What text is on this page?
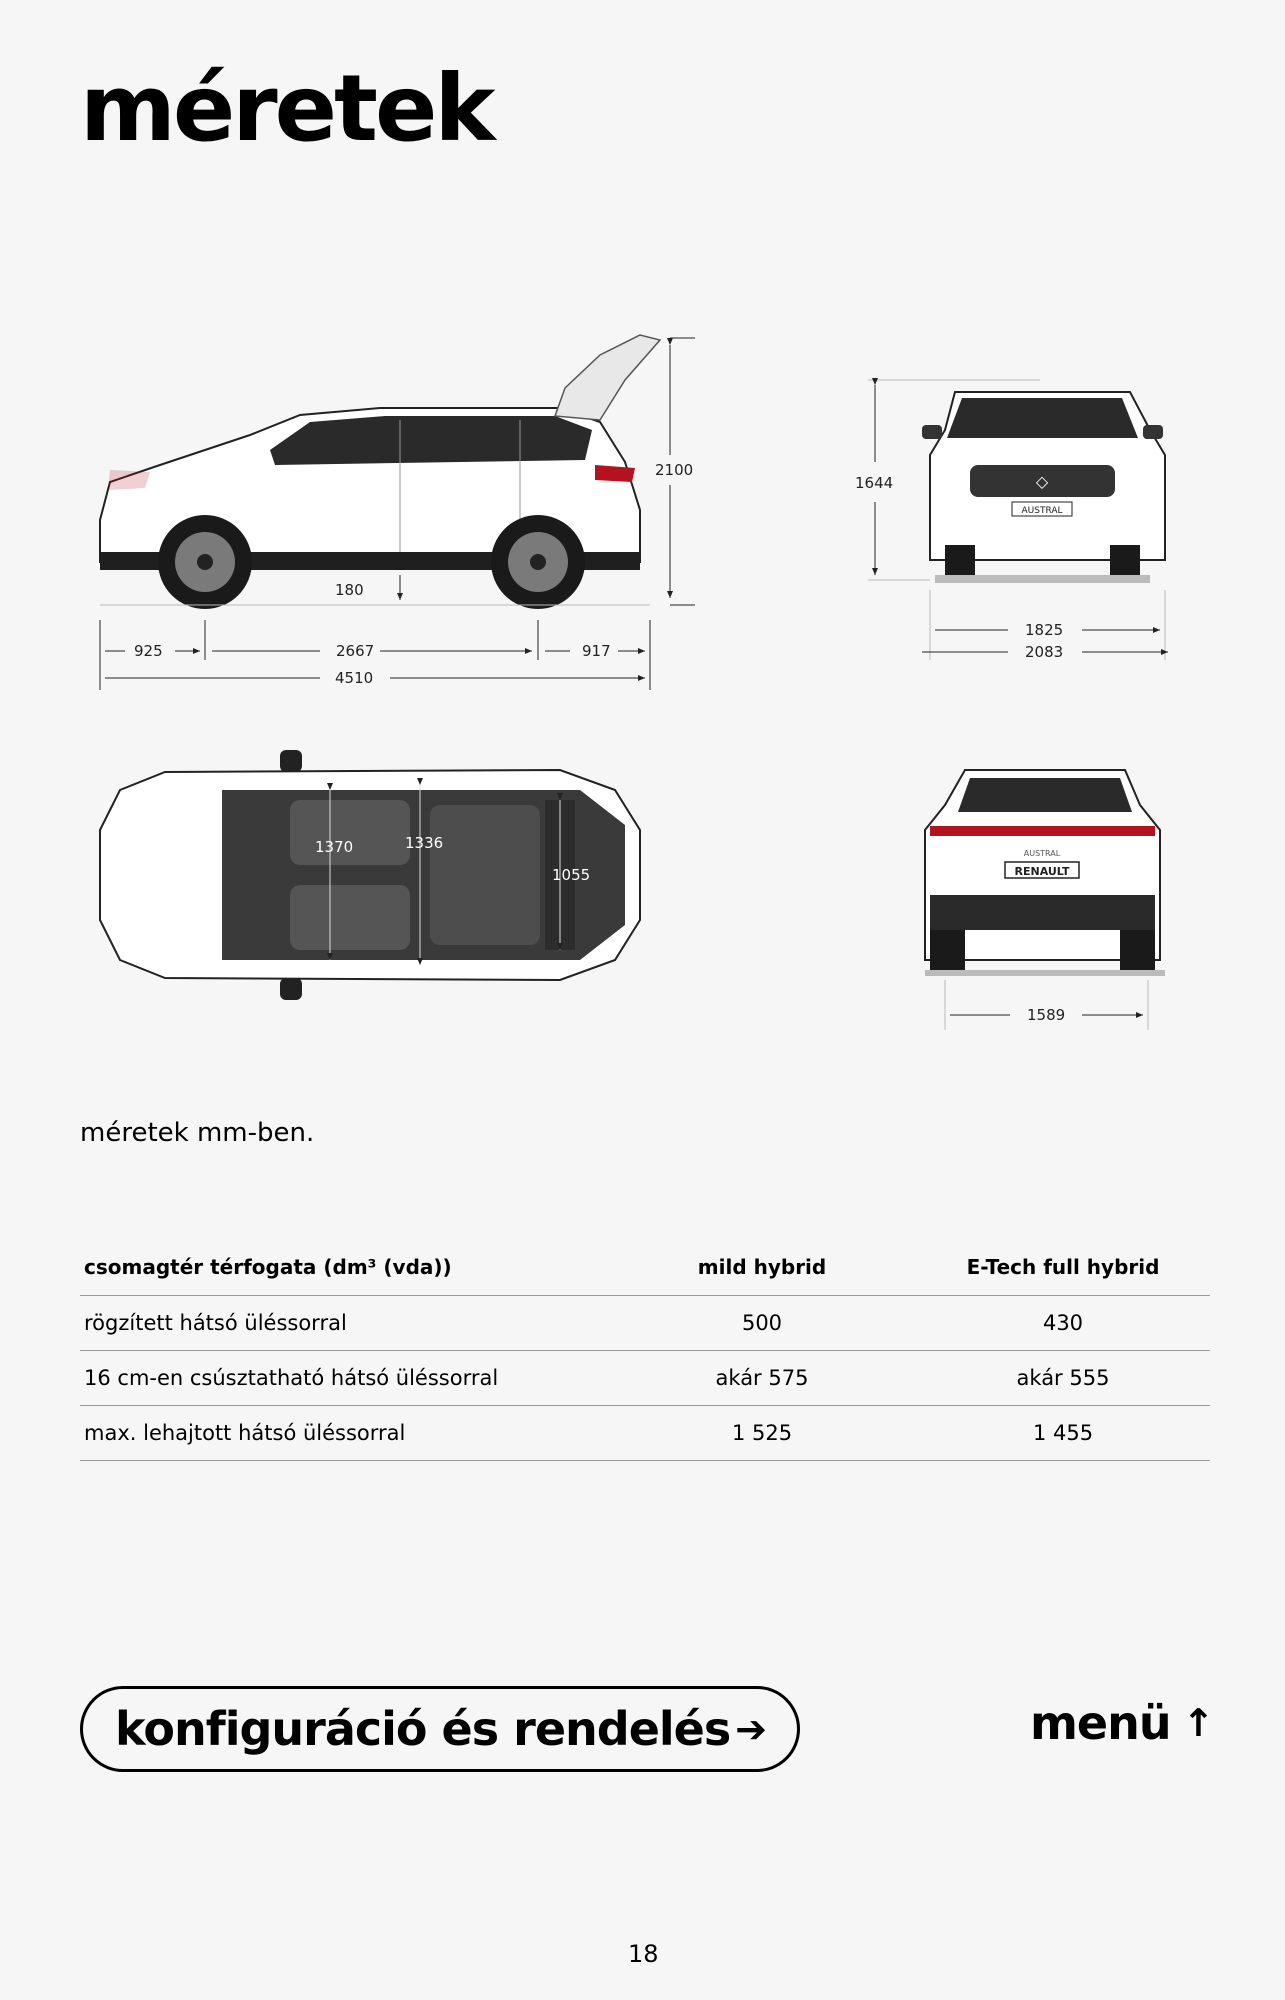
méretek
2100
180
925	2667	917
4510
◇
AUSTRAL
1644
1825
2083
1370	1336
1055
AUSTRAL
RENAULT
1589

méretek mm-ben.

csomagtér térfogata (dm³ (vda))	mild hybrid	E-Tech full hybrid
rögzített hátsó üléssorral	500	430
16 cm-en csúsztatható hátsó üléssorral	akár 575	akár 555
max. lehajtott hátsó üléssorral	1 525	1 455
konfiguráció és rendelés ➔	menü ↑
18
